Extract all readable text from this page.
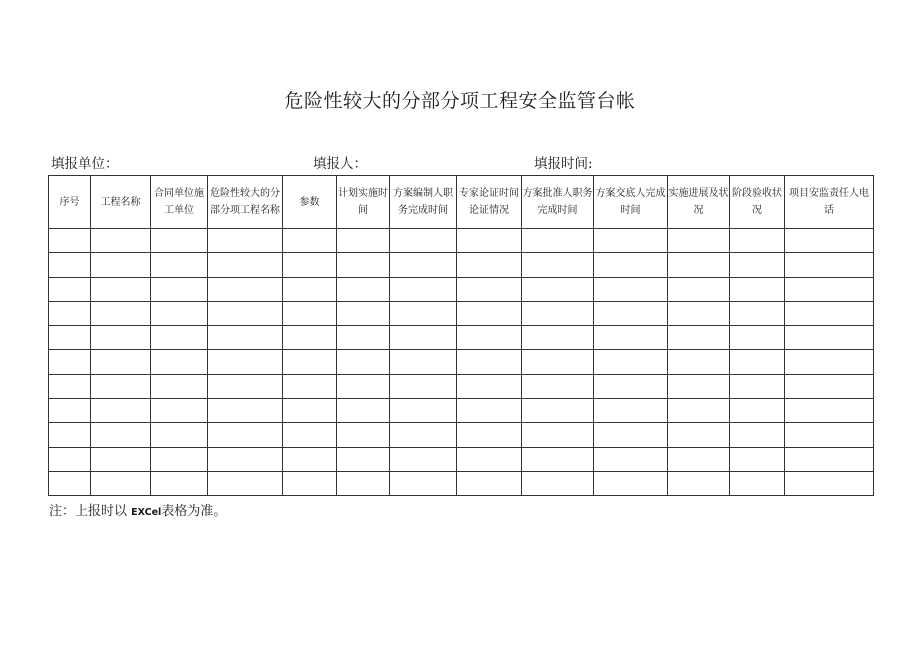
危险性较大的分部分项工程安全监管台帐
填报单位：	填报人：	填报时间:
序号	工程名称	合同单位施工单位	危险性较大的分部分项工程名称	参数	计划实施时间	方案编制人职务完成时间	专家论证时间论证情况	方案批准人职务完成时间	方案交底人完成时间	实施进展及状况	阶段验收状况	项目安监责任人电话

注：上报时以 EXCel表格为准。
